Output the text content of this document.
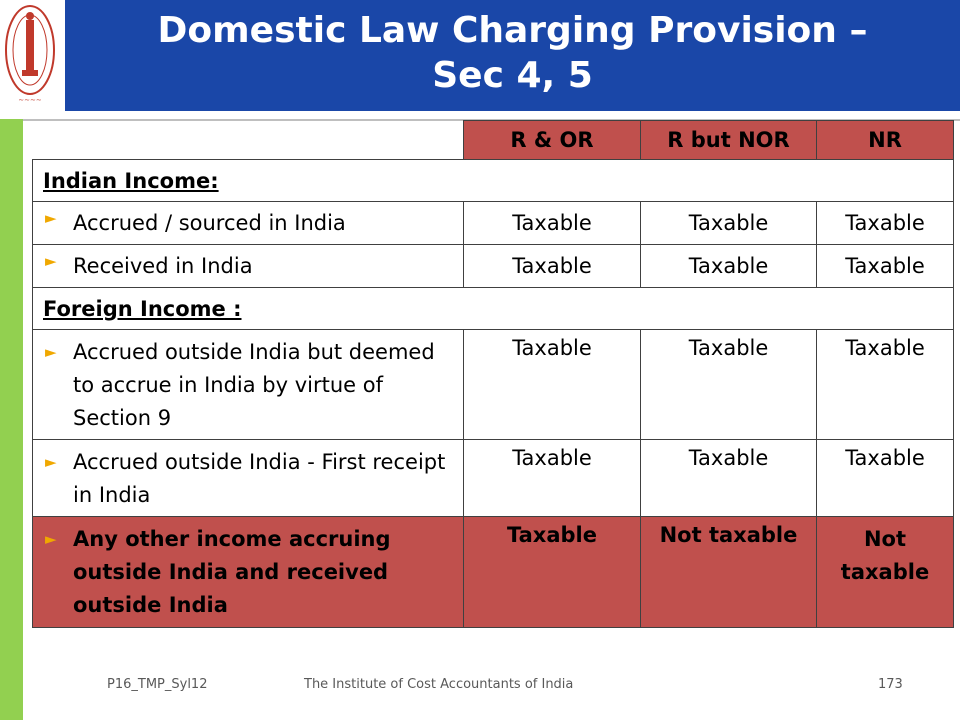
∼∼∼∼
Domestic Law Charging Provision –
Sec 4, 5
	R & OR	R but NOR	NR
Indian Income:			

► Accrued / sourced in India	Taxable	Taxable	Taxable

► Received in India	Taxable	Taxable	Taxable
Foreign Income :			

► Accrued outside India but deemed to accrue in India by virtue of Section 9	Taxable	Taxable	Taxable

► Accrued outside India - First receipt in India	Taxable	Taxable	Taxable

► Any other income accruing outside India and received outside India	Taxable	Not taxable	Not taxable
P16_TMP_Syl12	The Institute of Cost Accountants of India	173
